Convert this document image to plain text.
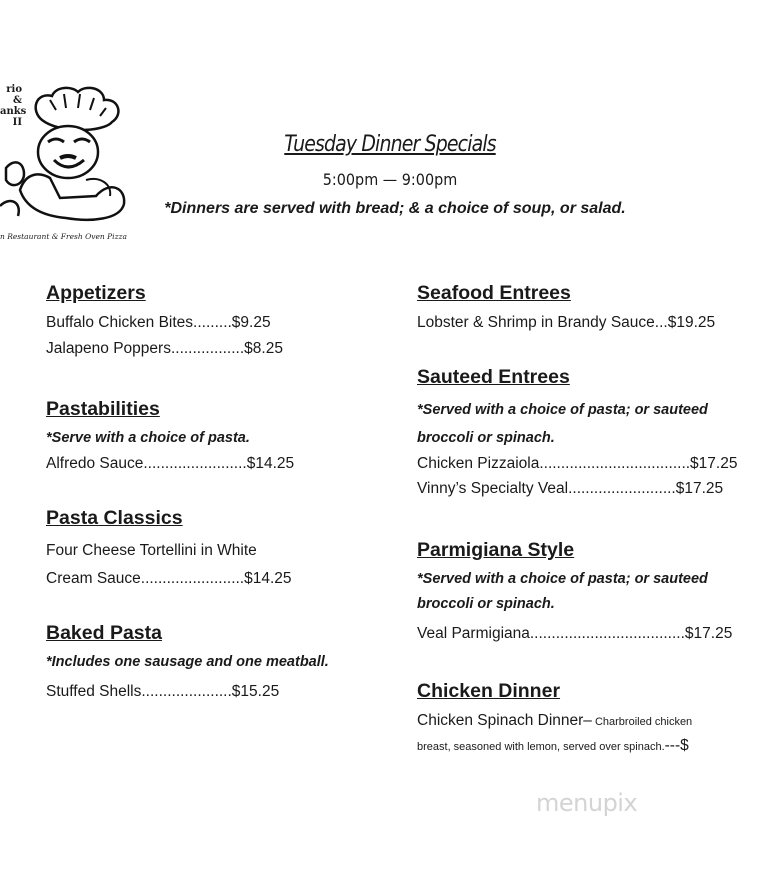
rio &
anks
II
n Restaurant & Fresh Oven Pizza
Tuesday Dinner Specials
5:00pm — 9:00pm
*Dinners are served with bread; & a choice of soup, or salad.
Appetizers
Buffalo Chicken Bites.........$9.25
Jalapeno Poppers.................$8.25
Pastabilities
*Serve with a choice of pasta.
Alfredo Sauce........................$14.25
Pasta Classics
Four Cheese Tortellini in White
Cream Sauce........................$14.25
Baked Pasta
*Includes one sausage and one meatball.
Stuffed Shells.....................$15.25
Seafood Entrees
Lobster & Shrimp in Brandy Sauce...$19.25
Sauteed Entrees
*Served with a choice of pasta; or sauteed
broccoli or spinach.
Chicken Pizzaiola...................................$17.25
Vinny’s Specialty Veal.........................$17.25
Parmigiana Style
*Served with a choice of pasta; or sauteed
broccoli or spinach.
Veal Parmigiana....................................$17.25
Chicken Dinner
Chicken Spinach Dinner– Charbroiled chicken
breast, seasoned with lemon, served over spinach.---$
menupix
